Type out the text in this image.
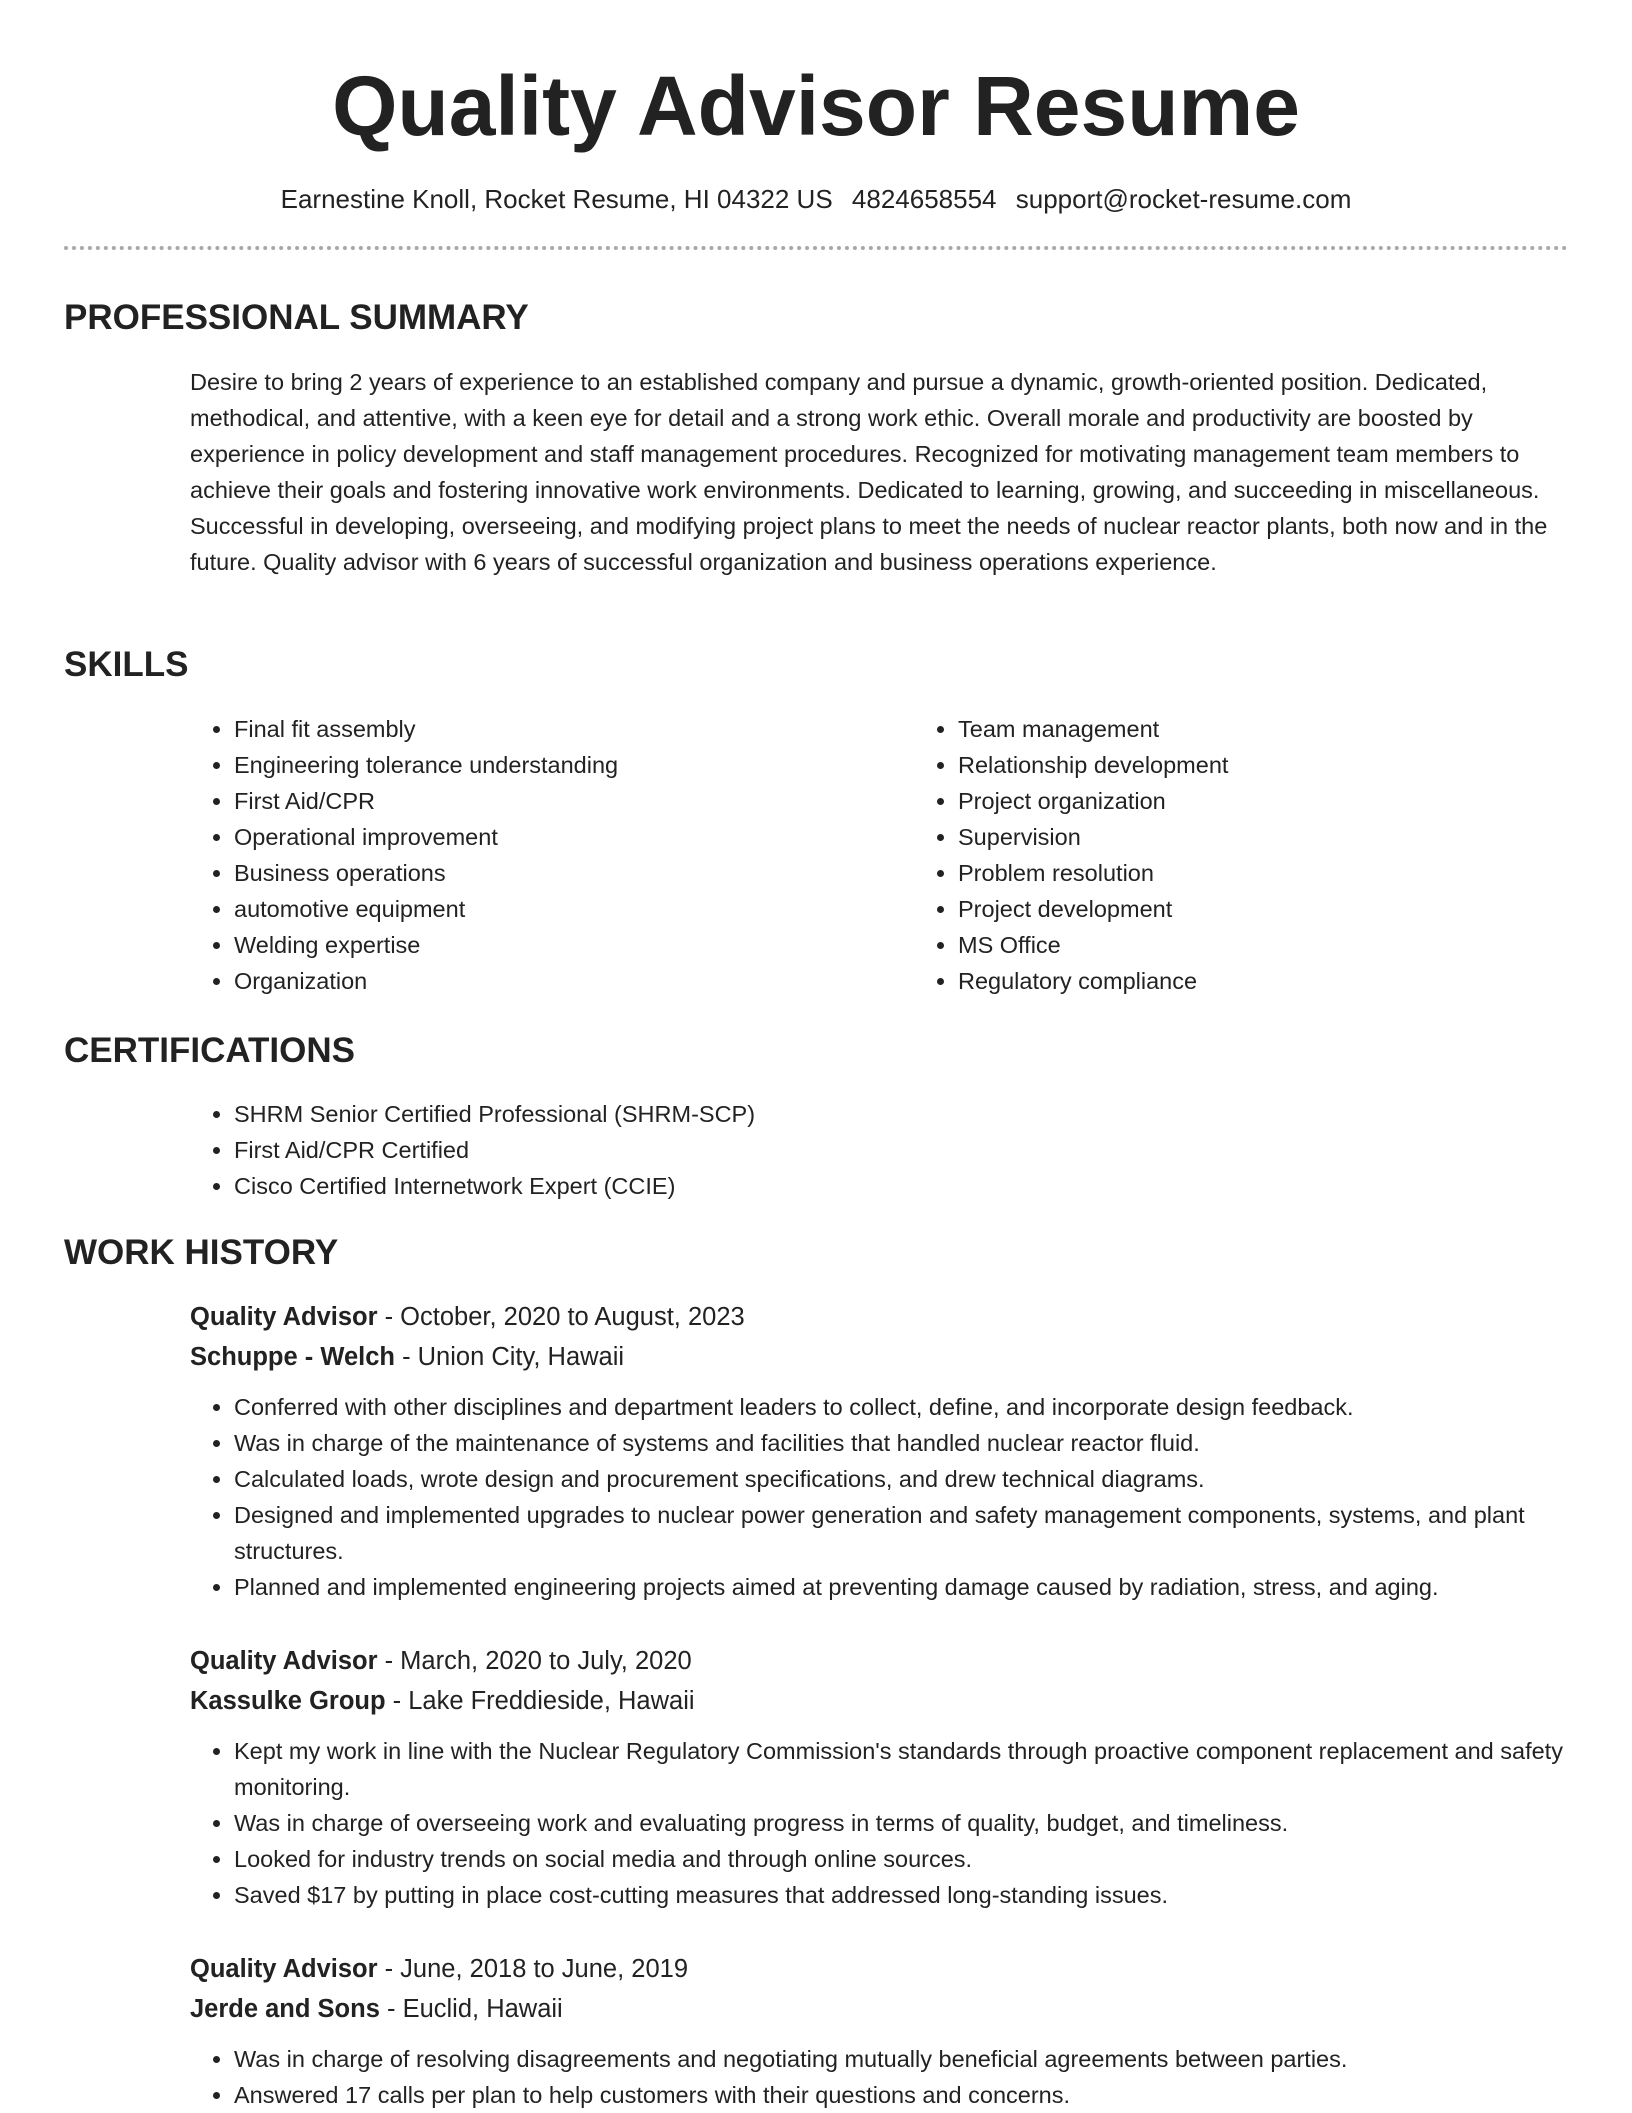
Quality Advisor Resume
Earnestine Knoll, Rocket Resume, HI 04322 US 4824658554 support@rocket-resume.com
PROFESSIONAL SUMMARY

Desire to bring 2 years of experience to an established company and pursue a dynamic, growth-oriented position. Dedicated, methodical, and attentive, with a keen eye for detail and a strong work ethic. Overall morale and productivity are boosted by experience in policy development and staff management procedures. Recognized for motivating management team members to achieve their goals and fostering innovative work environments. Dedicated to learning, growing, and succeeding in miscellaneous. Successful in developing, overseeing, and modifying project plans to meet the needs of nuclear reactor plants, both now and in the future. Quality advisor with 6 years of successful organization and business operations experience.

SKILLS
• Final fit assembly
• Engineering tolerance understanding
• First Aid/CPR
• Operational improvement
• Business operations
• automotive equipment
• Welding expertise
• Organization
• Team management
• Relationship development
• Project organization
• Supervision
• Problem resolution
• Project development
• MS Office
• Regulatory compliance
CERTIFICATIONS
• SHRM Senior Certified Professional (SHRM-SCP)
• First Aid/CPR Certified
• Cisco Certified Internetwork Expert (CCIE)
WORK HISTORY

Quality Advisor - October, 2020 to August, 2023

Schuppe - Welch - Union City, Hawaii

• Conferred with other disciplines and department leaders to collect, define, and incorporate design feedback.
• Was in charge of the maintenance of systems and facilities that handled nuclear reactor fluid.
• Calculated loads, wrote design and procurement specifications, and drew technical diagrams.
• Designed and implemented upgrades to nuclear power generation and safety management components, systems, and plant structures.
• Planned and implemented engineering projects aimed at preventing damage caused by radiation, stress, and aging.

Quality Advisor - March, 2020 to July, 2020

Kassulke Group - Lake Freddieside, Hawaii

• Kept my work in line with the Nuclear Regulatory Commission's standards through proactive component replacement and safety monitoring.
• Was in charge of overseeing work and evaluating progress in terms of quality, budget, and timeliness.
• Looked for industry trends on social media and through online sources.
• Saved $17 by putting in place cost-cutting measures that addressed long-standing issues.

Quality Advisor - June, 2018 to June, 2019

Jerde and Sons - Euclid, Hawaii

• Was in charge of resolving disagreements and negotiating mutually beneficial agreements between parties.
• Answered 17 calls per plan to help customers with their questions and concerns.
